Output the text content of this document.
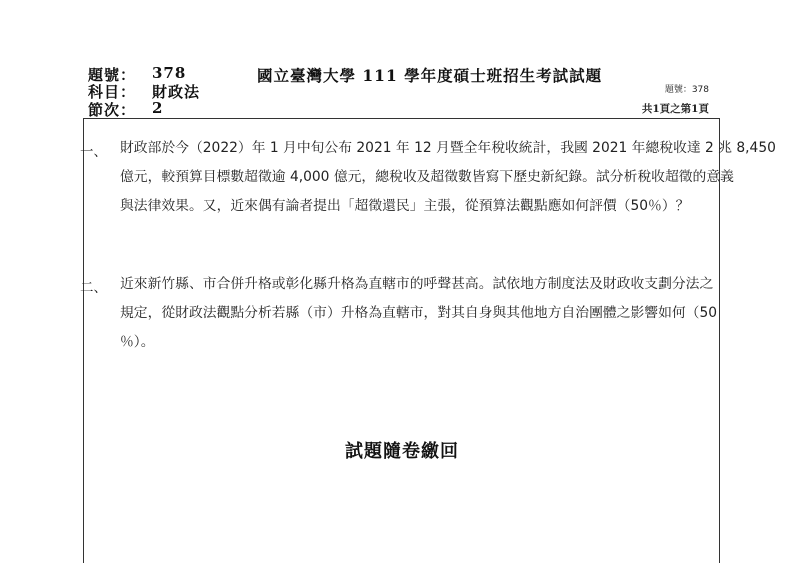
題號： 378
科目： 財政法
節次： 2
國立臺灣大學 111 學年度碩士班招生考試試題
題號：378
共1頁之第1頁
一、 財政部於今（2022）年 1 月中旬公布 2021 年 12 月暨全年稅收統計，我國 2021 年總稅收達 2 兆 8,450
億元，較預算目標數超徵逾 4,000 億元，總稅收及超徵數皆寫下歷史新紀錄。試分析稅收超徵的意義
與法律效果。又，近來偶有論者提出「超徵還民」主張，從預算法觀點應如何評價（50％）？
二、 近來新竹縣、市合併升格或彰化縣升格為直轄市的呼聲甚高。試依地方制度法及財政收支劃分法之
規定，從財政法觀點分析若縣（市）升格為直轄市，對其自身與其他地方自治團體之影響如何（50
％）。
試題隨卷繳回
